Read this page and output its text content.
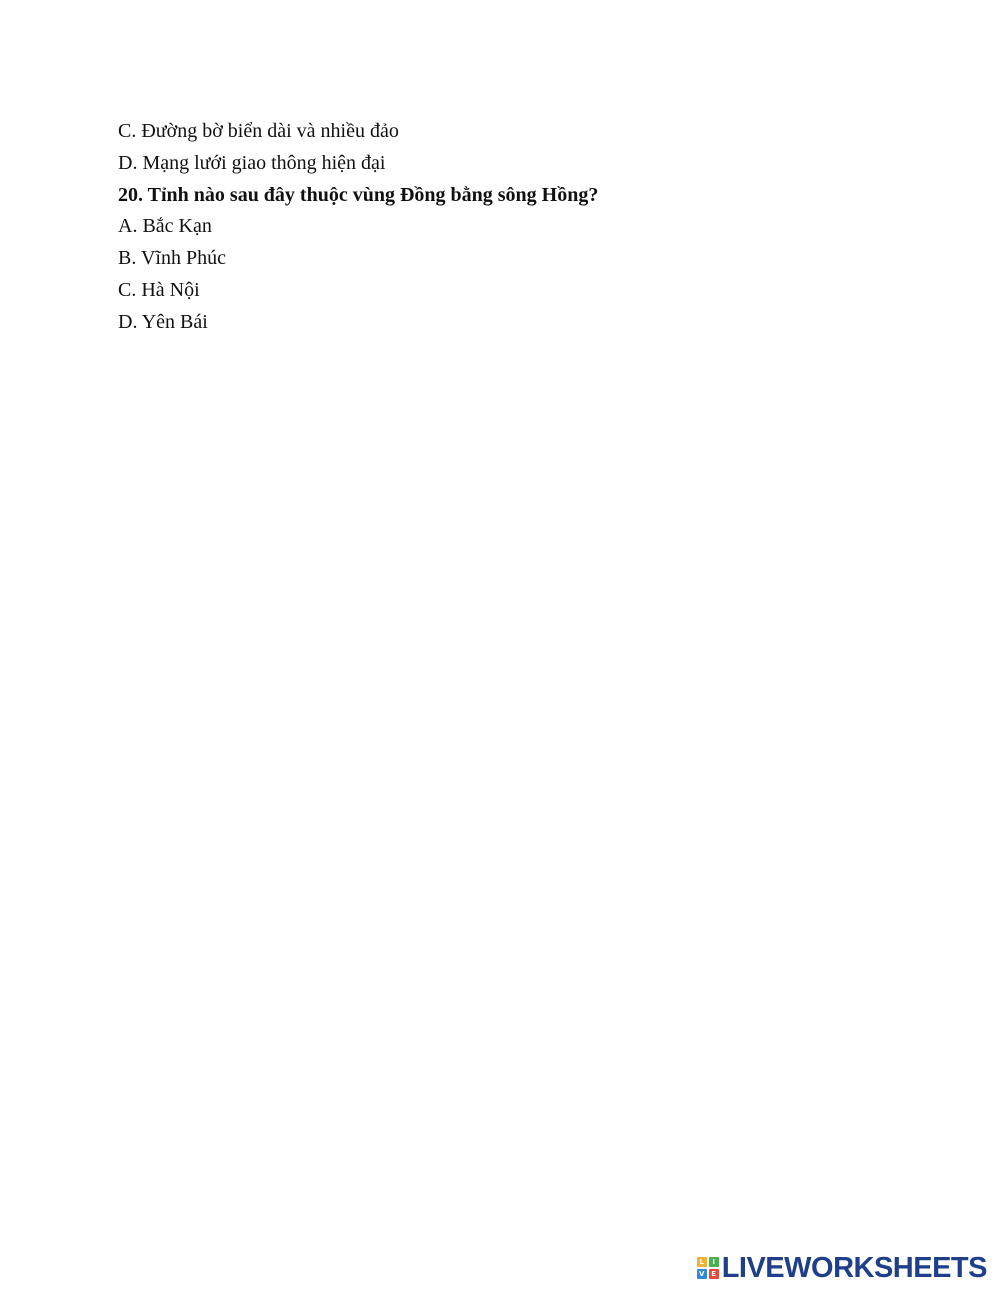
C. Đường bờ biển dài và nhiều đảo
D. Mạng lưới giao thông hiện đại
20. Tỉnh nào sau đây thuộc vùng Đồng bằng sông Hồng?
A. Bắc Kạn
B. Vĩnh Phúc
C. Hà Nội
D. Yên Bái
L	I
V E LIVEWORKSHEETS
